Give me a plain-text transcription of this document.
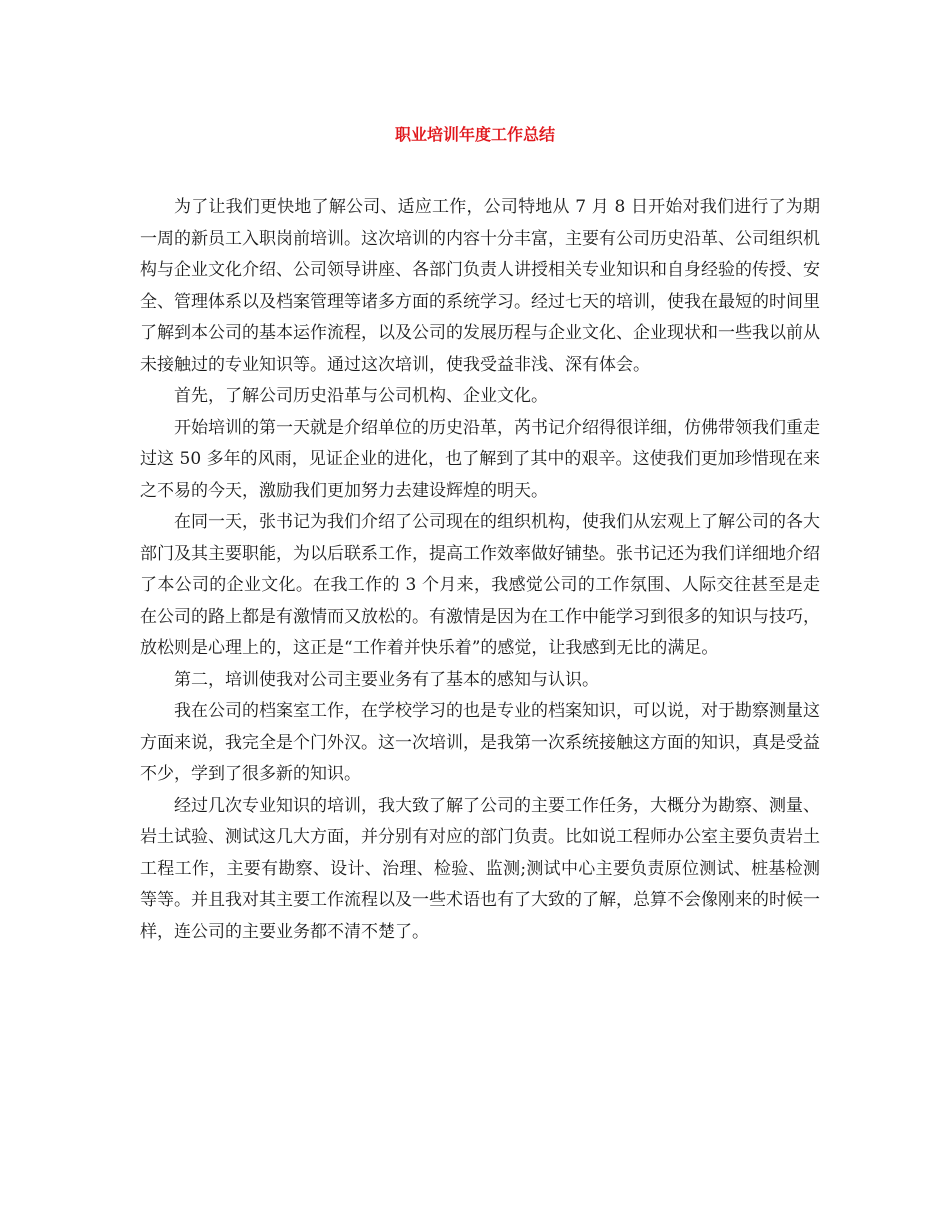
职业培训年度工作总结

为了让我们更快地了解公司、适应工作，公司特地从 7 月 8 日开始对我们进行了为期一周的新员工入职岗前培训。这次培训的内容十分丰富，主要有公司历史沿革、公司组织机构与企业文化介绍、公司领导讲座、各部门负责人讲授相关专业知识和自身经验的传授、安全、管理体系以及档案管理等诸多方面的系统学习。经过七天的培训，使我在最短的时间里了解到本公司的基本运作流程，以及公司的发展历程与企业文化、企业现状和一些我以前从未接触过的专业知识等。通过这次培训，使我受益非浅、深有体会。

首先，了解公司历史沿革与公司机构、企业文化。

开始培训的第一天就是介绍单位的历史沿革，芮书记介绍得很详细，仿佛带领我们重走过这 50 多年的风雨，见证企业的进化，也了解到了其中的艰辛。这使我们更加珍惜现在来之不易的今天，激励我们更加努力去建设辉煌的明天。

在同一天，张书记为我们介绍了公司现在的组织机构，使我们从宏观上了解公司的各大部门及其主要职能，为以后联系工作，提高工作效率做好铺垫。张书记还为我们详细地介绍了本公司的企业文化。在我工作的 3 个月来，我感觉公司的工作氛围、人际交往甚至是走在公司的路上都是有激情而又放松的。有激情是因为在工作中能学习到很多的知识与技巧，放松则是心理上的，这正是“工作着并快乐着”的感觉，让我感到无比的满足。

第二，培训使我对公司主要业务有了基本的感知与认识。

我在公司的档案室工作，在学校学习的也是专业的档案知识，可以说，对于勘察测量这方面来说，我完全是个门外汉。这一次培训，是我第一次系统接触这方面的知识，真是受益不少，学到了很多新的知识。

经过几次专业知识的培训，我大致了解了公司的主要工作任务，大概分为勘察、测量、岩土试验、测试这几大方面，并分别有对应的部门负责。比如说工程师办公室主要负责岩土工程工作，主要有勘察、设计、治理、检验、监测;测试中心主要负责原位测试、桩基检测等等。并且我对其主要工作流程以及一些术语也有了大致的了解，总算不会像刚来的时候一样，连公司的主要业务都不清不楚了。
